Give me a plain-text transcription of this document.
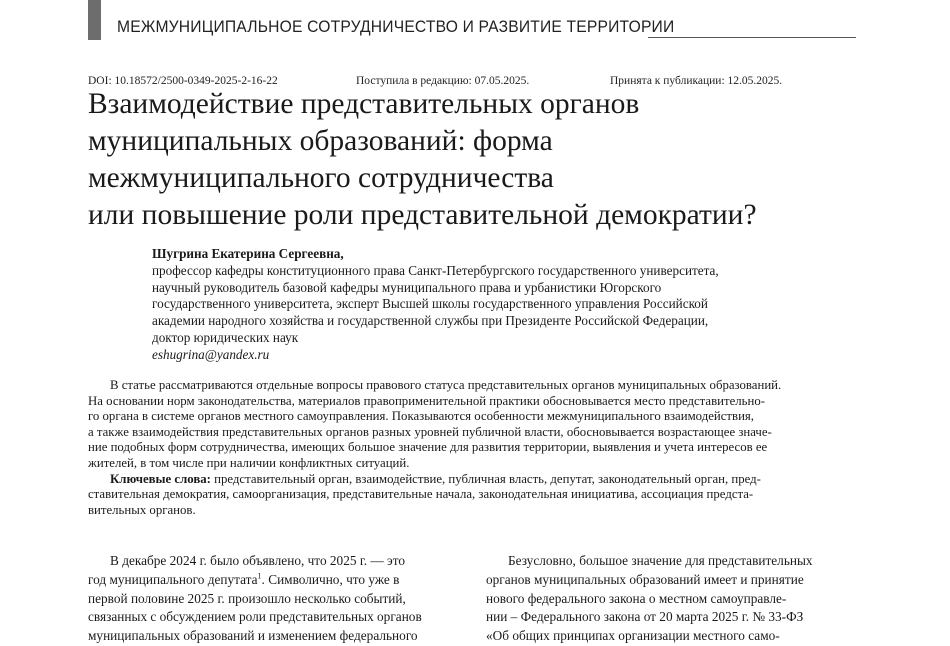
МЕЖМУНИЦИПАЛЬНОЕ СОТРУДНИЧЕСТВО И РАЗВИТИЕ ТЕРРИТОРИИ
DOI: 10.18572/2500-0349-2025-2-16-22	Поступила в редакцию: 07.05.2025.	Принята к публикации: 12.05.2025.
Взаимодействие представительных органов
муниципальных образований: форма
межмуниципального сотрудничества
или повышение роли представительной демократии?
Шугрина Екатерина Сергеевна,
профессор кафедры конституционного права Санкт-Петербургского государственного университета,
научный руководитель базовой кафедры муниципального права и урбанистики Югорского
государственного университета, эксперт Высшей школы государственного управления Российской
академии народного хозяйства и государственной службы при Президенте Российской Федерации,
доктор юридических наук
eshugrina@yandex.ru
В статье рассматриваются отдельные вопросы правового статуса представительных органов муниципальных образований.
На основании норм законодательства, материалов правоприменительной практики обосновывается место представительно-
го органа в системе органов местного самоуправления. Показываются особенности межмуниципального взаимодействия,
а также взаимодействия представительных органов разных уровней публичной власти, обосновывается возрастающее значе-
ние подобных форм сотрудничества, имеющих большое значение для развития территории, выявления и учета интересов ее
жителей, в том числе при наличии конфликтных ситуаций.
Ключевые слова: представительный орган, взаимодействие, публичная власть, депутат, законодательный орган, пред-
ставительная демократия, самоорганизация, представительные начала, законодательная инициатива, ассоциация предста-
вительных органов.
В декабре 2024 г. было объявлено, что 2025 г. — это
год муниципального депутата$^1$. Символично, что уже в
первой половине 2025 г. произошло несколько событий,
связанных с обсуждением роли представительных органов
муниципальных образований и изменением федерального
Безусловно, большое значение для представительных
органов муниципальных образований имеет и принятие
нового федерального закона о местном самоуправле-
нии – Федерального закона от 20 марта 2025 г. № 33-ФЗ
«Об общих принципах организации местного само-
